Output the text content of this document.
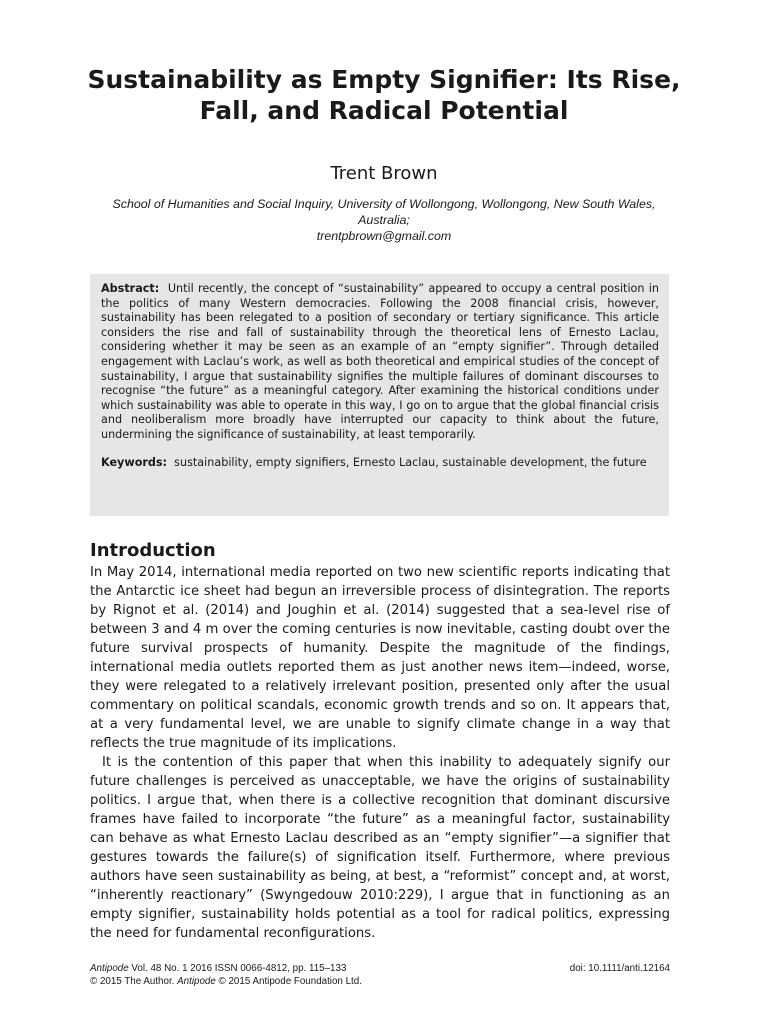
Sustainability as Empty Signifier: Its Rise, Fall, and Radical Potential
Trent Brown
School of Humanities and Social Inquiry, University of Wollongong, Wollongong, New South Wales, Australia;
trentpbrown@gmail.com

Abstract: Until recently, the concept of “sustainability” appeared to occupy a central position in the politics of many Western democracies. Following the 2008 financial crisis, however, sustainability has been relegated to a position of secondary or tertiary significance. This article considers the rise and fall of sustainability through the theoretical lens of Ernesto Laclau, considering whether it may be seen as an example of an “empty signifier”. Through detailed engagement with Laclau’s work, as well as both theoretical and empirical studies of the concept of sustainability, I argue that sustainability signifies the multiple failures of dominant discourses to recognise “the future” as a meaningful category. After examining the historical conditions under which sustainability was able to operate in this way, I go on to argue that the global financial crisis and neoliberalism more broadly have interrupted our capacity to think about the future, undermining the significance of sustainability, at least temporarily.

Keywords: sustainability, empty signifiers, Ernesto Laclau, sustainable development, the future

Introduction

In May 2014, international media reported on two new scientific reports indicating that the Antarctic ice sheet had begun an irreversible process of disintegration. The reports by Rignot et al. (2014) and Joughin et al. (2014) suggested that a sea-level rise of between 3 and 4 m over the coming centuries is now inevitable, casting doubt over the future survival prospects of humanity. Despite the magnitude of the findings, international media outlets reported them as just another news item—indeed, worse, they were relegated to a relatively irrelevant position, presented only after the usual commentary on political scandals, economic growth trends and so on. It appears that, at a very fundamental level, we are unable to signify climate change in a way that reflects the true magnitude of its implications.

It is the contention of this paper that when this inability to adequately signify our future challenges is perceived as unacceptable, we have the origins of sustainability politics. I argue that, when there is a collective recognition that dominant discursive frames have failed to incorporate “the future” as a meaningful factor, sustainability can behave as what Ernesto Laclau described as an “empty signifier”—a signifier that gestures towards the failure(s) of signification itself. Furthermore, where previous authors have seen sustainability as being, at best, a “reformist” concept and, at worst, “inherently reactionary” (Swyngedouw 2010:229), I argue that in functioning as an empty signifier, sustainability holds potential as a tool for radical politics, expressing the need for fundamental reconfigurations.

Antipode Vol. 48 No. 1 2016 ISSN 0066-4812, pp. 115–133	doi: 10.1111/anti.12164
© 2015 The Author. Antipode © 2015 Antipode Foundation Ltd.
